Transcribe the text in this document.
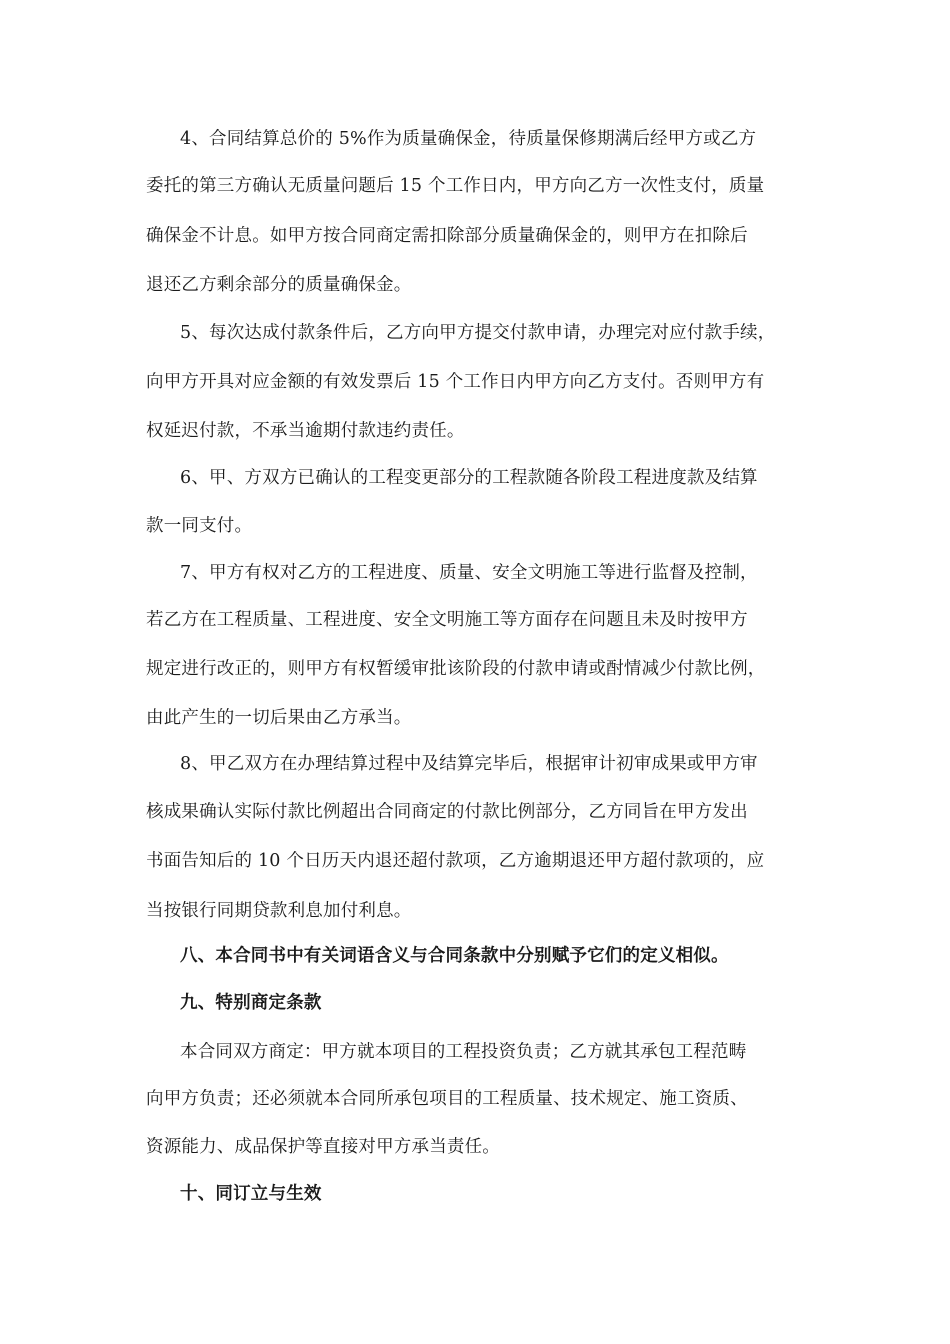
4、合同结算总价的 5%作为质量确保金，待质量保修期满后经甲方或乙方
委托的第三方确认无质量问题后 15 个工作日内，甲方向乙方一次性支付，质量
确保金不计息。如甲方按合同商定需扣除部分质量确保金的，则甲方在扣除后
退还乙方剩余部分的质量确保金。
5、每次达成付款条件后，乙方向甲方提交付款申请，办理完对应付款手续，
向甲方开具对应金额的有效发票后 15 个工作日内甲方向乙方支付。否则甲方有
权延迟付款，不承当逾期付款违约责任。
6、甲、方双方已确认的工程变更部分的工程款随各阶段工程进度款及结算
款一同支付。
7、甲方有权对乙方的工程进度、质量、安全文明施工等进行监督及控制，
若乙方在工程质量、工程进度、安全文明施工等方面存在问题且未及时按甲方
规定进行改正的，则甲方有权暂缓审批该阶段的付款申请或酎情减少付款比例，
由此产生的一切后果由乙方承当。
8、甲乙双方在办理结算过程中及结算完毕后，根据审计初审成果或甲方审
核成果确认实际付款比例超出合同商定的付款比例部分，乙方同旨在甲方发出
书面告知后的 10 个日历天内退还超付款项，乙方逾期退还甲方超付款项的，应
当按银行同期贷款利息加付利息。
八、本合同书中有关词语含义与合同条款中分别赋予它们的定义相似。
九、特别商定条款
本合同双方商定：甲方就本项目的工程投资负责；乙方就其承包工程范畴
向甲方负责；还必须就本合同所承包项目的工程质量、技术规定、施工资质、
资源能力、成品保护等直接对甲方承当责任。
十、同订立与生效
